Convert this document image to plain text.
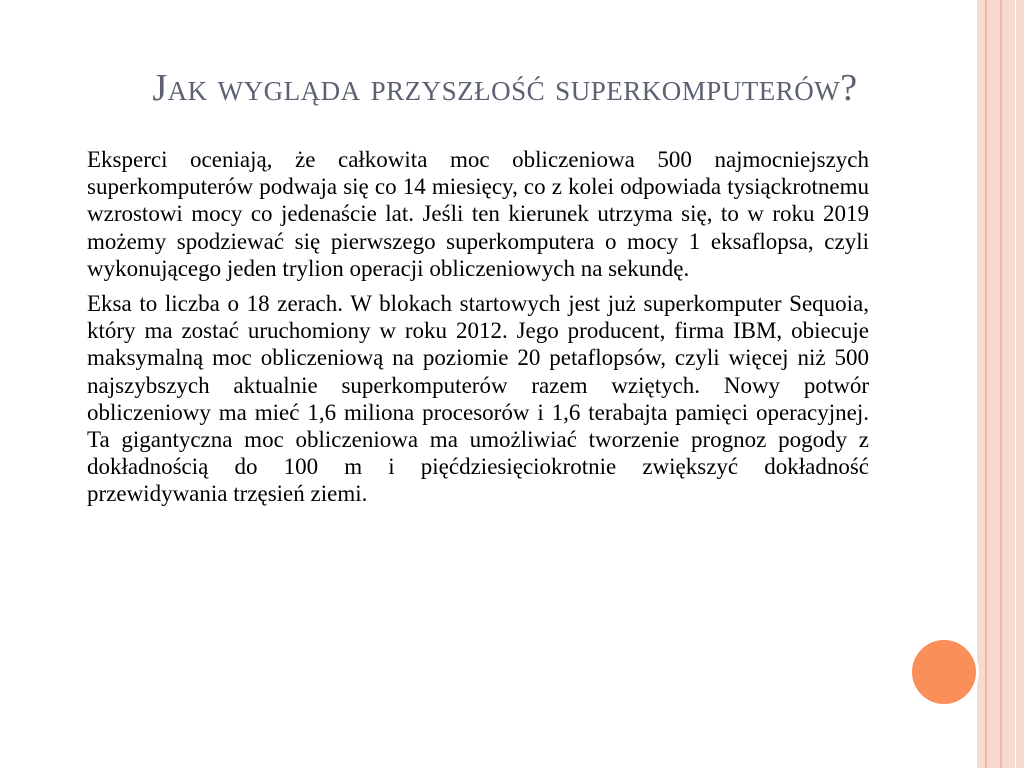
Jak wygląda przyszłość superkomputerów?

Eksperci oceniają, że całkowita moc obliczeniowa 500 najmocniejszych superkomputerów podwaja się co 14 miesięcy, co z kolei odpowiada tysiąckrotnemu wzrostowi mocy co jedenaście lat. Jeśli ten kierunek utrzyma się, to w roku 2019 możemy spodziewać się pierwszego superkomputera o mocy 1 eksaflopsa, czyli wykonującego jeden trylion operacji obliczeniowych na sekundę.

Eksa to liczba o 18 zerach. W blokach startowych jest już superkomputer Sequoia, który ma zostać uruchomiony w roku 2012. Jego producent, firma IBM, obiecuje maksymalną moc obliczeniową na poziomie 20 petaflopsów, czyli więcej niż 500 najszybszych aktualnie superkomputerów razem wziętych. Nowy potwór obliczeniowy ma mieć 1,6 miliona procesorów i 1,6 terabajta pamięci operacyjnej. Ta gigantyczna moc obliczeniowa ma umożliwiać tworzenie prognoz pogody z dokładnością do 100 m i pięćdziesięciokrotnie zwiększyć dokładność przewidywania trzęsień ziemi.
